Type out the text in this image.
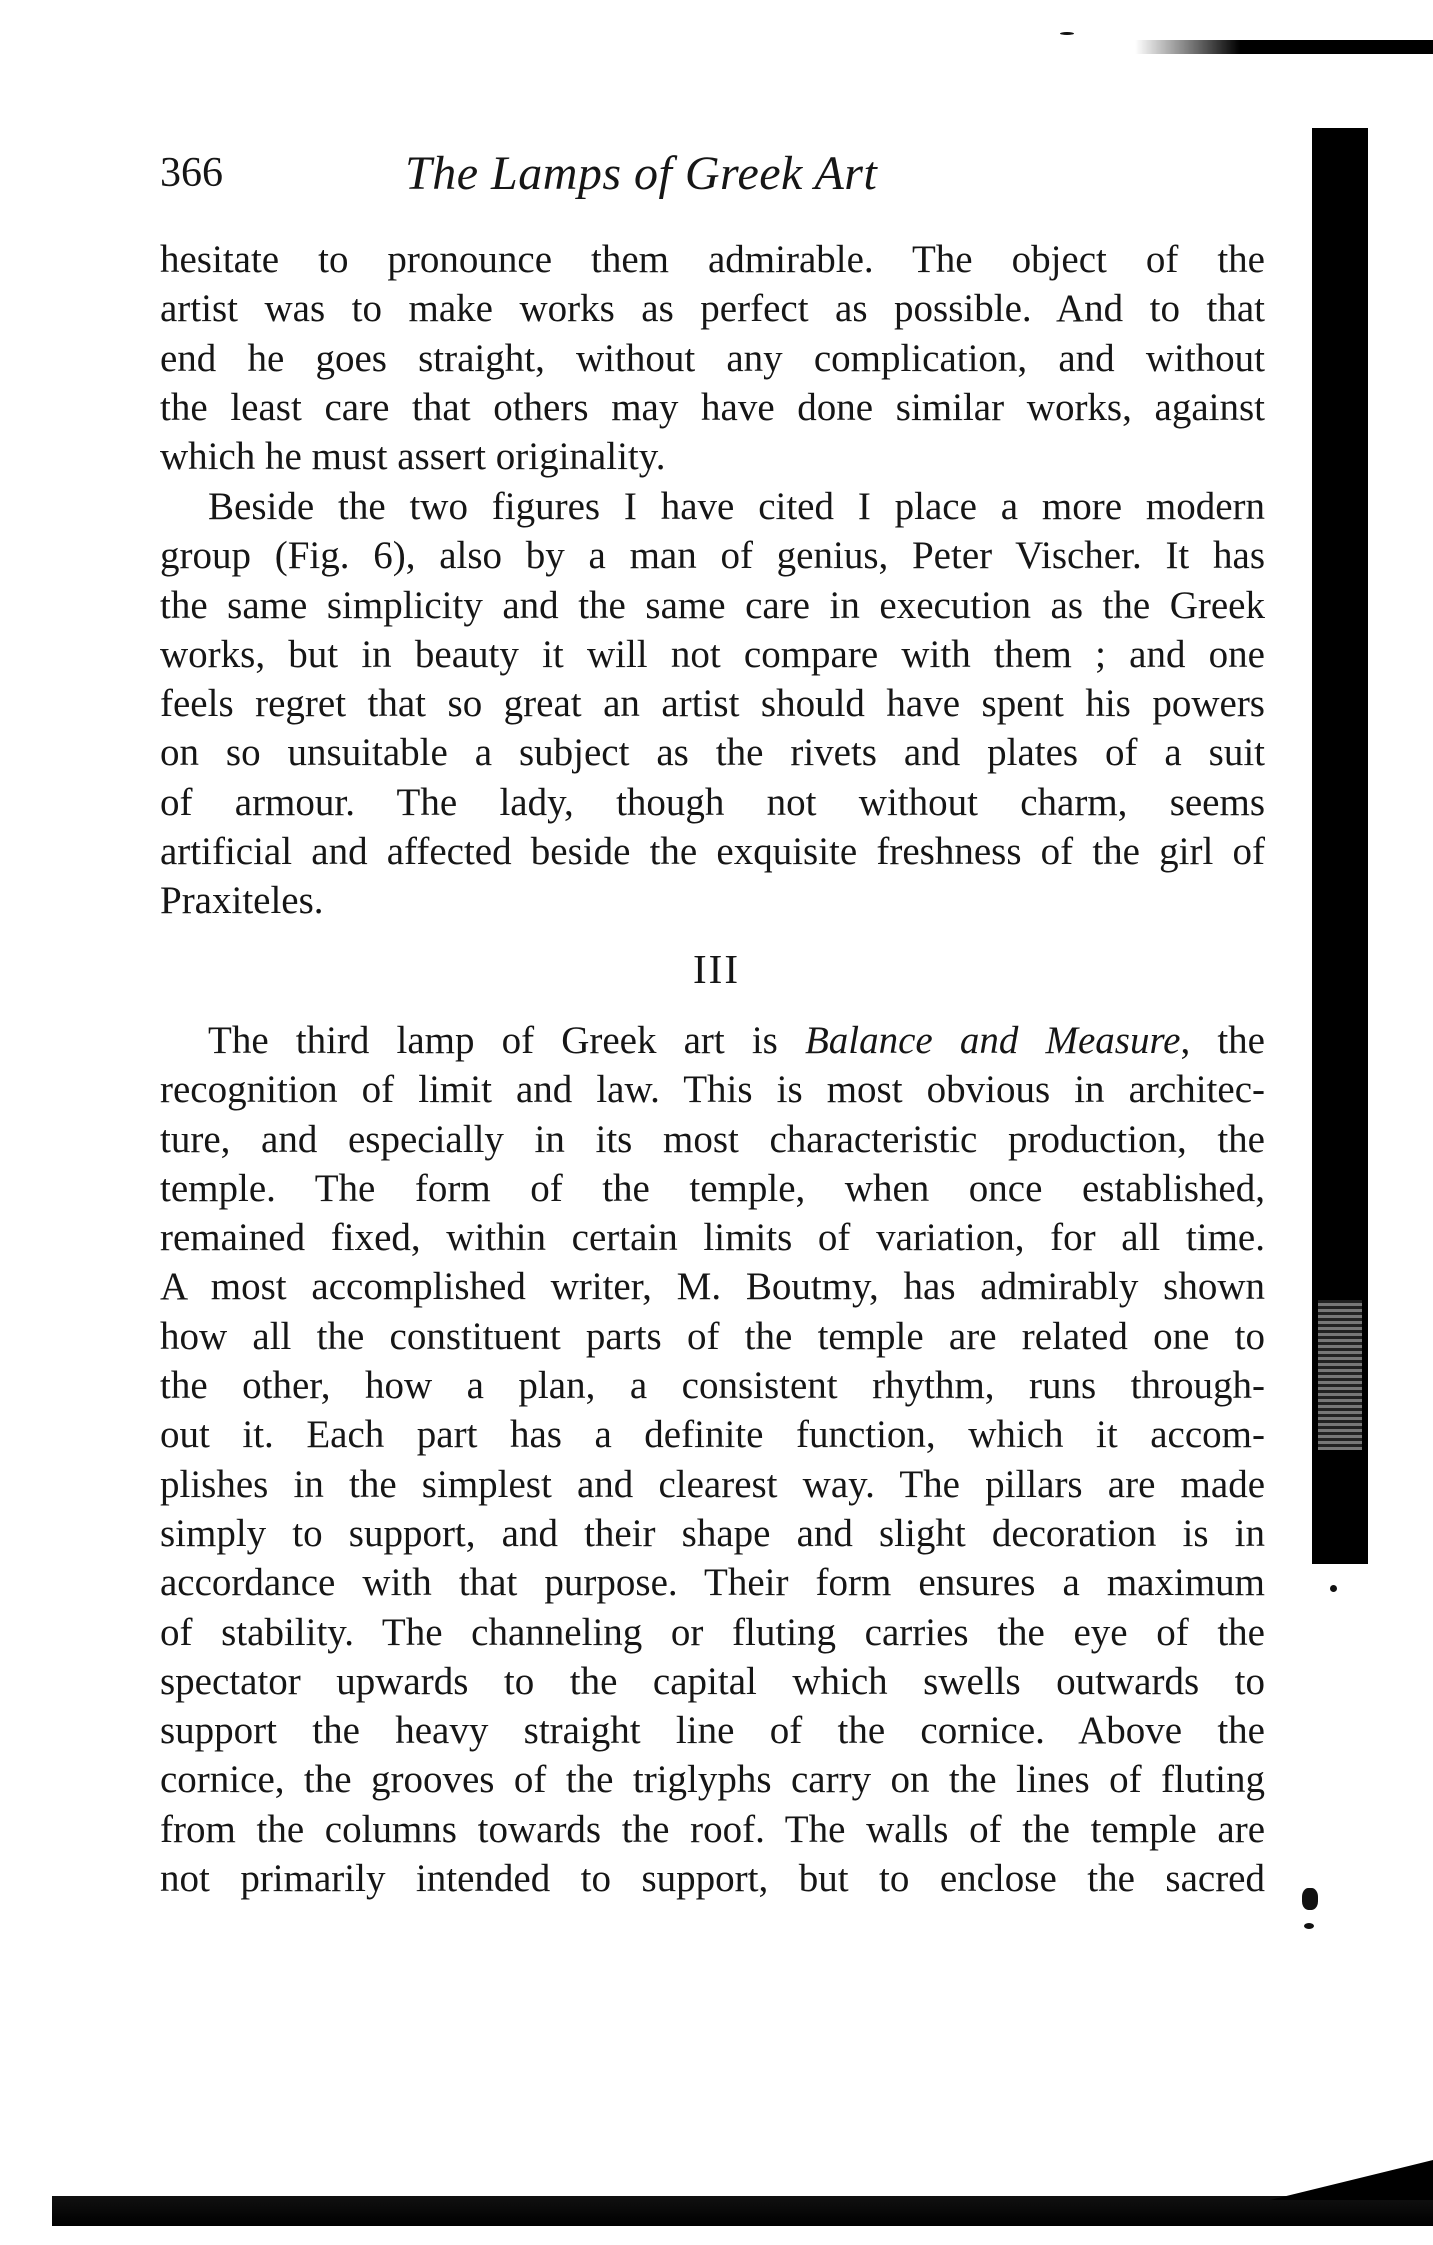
366	The Lamps of Greek Art
hesitate to pronounce them admirable. The object of the
artist was to make works as perfect as possible. And to that
end he goes straight, without any complication, and without
the least care that others may have done similar works, against
which he must assert originality.
Beside the two figures I have cited I place a more modern
group (Fig. 6), also by a man of genius, Peter Vischer. It has
the same simplicity and the same care in execution as the Greek
works, but in beauty it will not compare with them ; and one
feels regret that so great an artist should have spent his powers
on so unsuitable a subject as the rivets and plates of a suit
of armour. The lady, though not without charm, seems
artificial and affected beside the exquisite freshness of the girl of
Praxiteles.
III
The third lamp of Greek art is Balance and Measure, the
recognition of limit and law. This is most obvious in architec-
ture, and especially in its most characteristic production, the
temple. The form of the temple, when once established,
remained fixed, within certain limits of variation, for all time.
A most accomplished writer, M. Boutmy, has admirably shown
how all the constituent parts of the temple are related one to
the other, how a plan, a consistent rhythm, runs through-
out it. Each part has a definite function, which it accom-
plishes in the simplest and clearest way. The pillars are made
simply to support, and their shape and slight decoration is in
accordance with that purpose. Their form ensures a maximum
of stability. The channeling or fluting carries the eye of the
spectator upwards to the capital which swells outwards to
support the heavy straight line of the cornice. Above the
cornice, the grooves of the triglyphs carry on the lines of fluting
from the columns towards the roof. The walls of the temple are
not primarily intended to support, but to enclose the sacred
